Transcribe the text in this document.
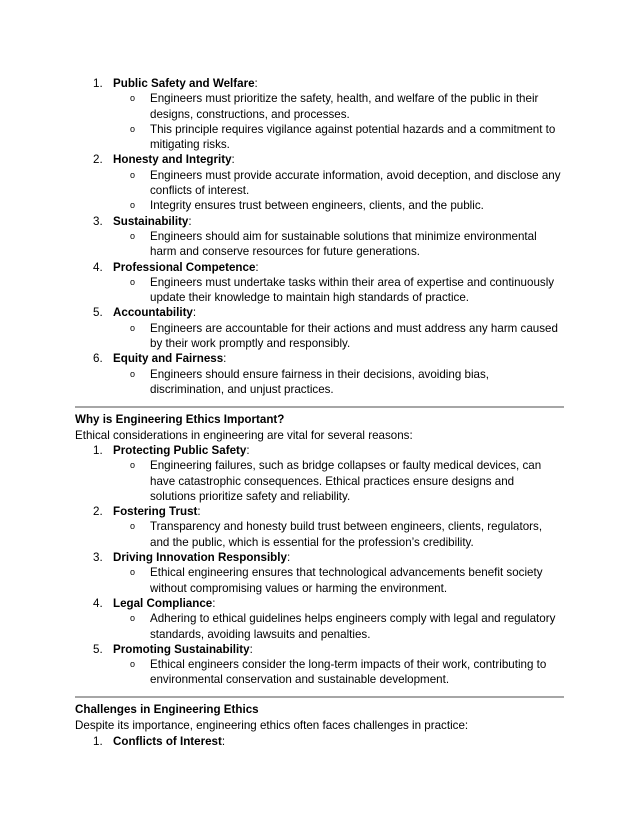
1. Public Safety and Welfare:
o Engineers must prioritize the safety, health, and welfare of the public in their designs, constructions, and processes.
o This principle requires vigilance against potential hazards and a commitment to mitigating risks.
2. Honesty and Integrity:
o Engineers must provide accurate information, avoid deception, and disclose any conflicts of interest.
o Integrity ensures trust between engineers, clients, and the public.
3. Sustainability:
o Engineers should aim for sustainable solutions that minimize environmental harm and conserve resources for future generations.
4. Professional Competence:
o Engineers must undertake tasks within their area of expertise and continuously update their knowledge to maintain high standards of practice.
5. Accountability:
o Engineers are accountable for their actions and must address any harm caused by their work promptly and responsibly.
6. Equity and Fairness:
o Engineers should ensure fairness in their decisions, avoiding bias, discrimination, and unjust practices.
Why is Engineering Ethics Important?
Ethical considerations in engineering are vital for several reasons:
1. Protecting Public Safety:
o Engineering failures, such as bridge collapses or faulty medical devices, can have catastrophic consequences. Ethical practices ensure designs and solutions prioritize safety and reliability.
2. Fostering Trust:
o Transparency and honesty build trust between engineers, clients, regulators, and the public, which is essential for the profession’s credibility.
3. Driving Innovation Responsibly:
o Ethical engineering ensures that technological advancements benefit society without compromising values or harming the environment.
4. Legal Compliance:
o Adhering to ethical guidelines helps engineers comply with legal and regulatory standards, avoiding lawsuits and penalties.
5. Promoting Sustainability:
o Ethical engineers consider the long-term impacts of their work, contributing to environmental conservation and sustainable development.
Challenges in Engineering Ethics
Despite its importance, engineering ethics often faces challenges in practice:
1. Conflicts of Interest:
